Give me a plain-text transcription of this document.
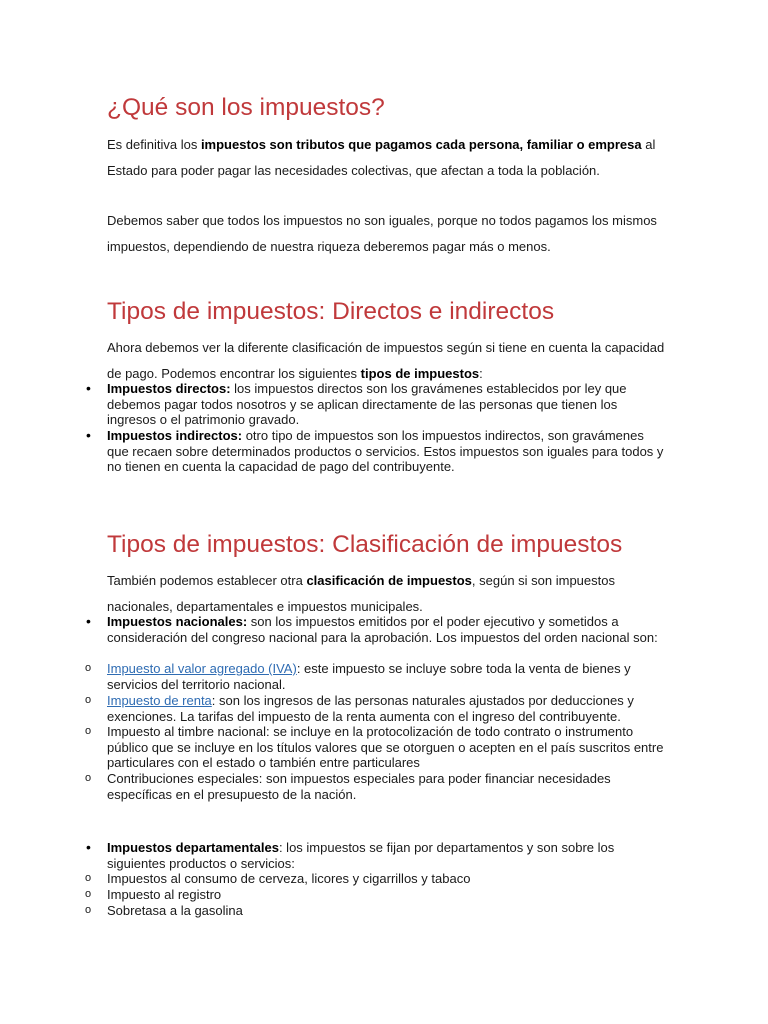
¿Qué son los impuestos?

Es definitiva los impuestos son tributos que pagamos cada persona, familiar o empresa al Estado para poder pagar las necesidades colectivas, que afectan a toda la población.

Debemos saber que todos los impuestos no son iguales, porque no todos pagamos los mismos impuestos, dependiendo de nuestra riqueza deberemos pagar más o menos.

Tipos de impuestos: Directos e indirectos

Ahora debemos ver la diferente clasificación de impuestos según si tiene en cuenta la capacidad de pago. Podemos encontrar los siguientes tipos de impuestos:

•	Impuestos directos: los impuestos directos son los gravámenes establecidos por ley que debemos pagar todos nosotros y se aplican directamente de las personas que tienen los ingresos o el patrimonio gravado.
•	Impuestos indirectos: otro tipo de impuestos son los impuestos indirectos, son gravámenes que recaen sobre determinados productos o servicios. Estos impuestos son iguales para todos y no tienen en cuenta la capacidad de pago del contribuyente.
Tipos de impuestos: Clasificación de impuestos

También podemos establecer otra clasificación de impuestos, según si son impuestos nacionales, departamentales e impuestos municipales.

•	Impuestos nacionales: son los impuestos emitidos por el poder ejecutivo y sometidos a consideración del congreso nacional para la aprobación. Los impuestos del orden nacional son:
o	Impuesto al valor agregado (IVA): este impuesto se incluye sobre toda la venta de bienes y servicios del territorio nacional.
o	Impuesto de renta: son los ingresos de las personas naturales ajustados por deducciones y exenciones. La tarifas del impuesto de la renta aumenta con el ingreso del contribuyente.
o	Impuesto al timbre nacional: se incluye en la protocolización de todo contrato o instrumento público que se incluye en los títulos valores que se otorguen o acepten en el país suscritos entre particulares con el estado o también entre particulares
o	Contribuciones especiales: son impuestos especiales para poder financiar necesidades específicas en el presupuesto de la nación.
•	Impuestos departamentales: los impuestos se fijan por departamentos y son sobre los siguientes productos o servicios:
o	Impuestos al consumo de cerveza, licores y cigarrillos y tabaco
o	Impuesto al registro
o	Sobretasa a la gasolina
